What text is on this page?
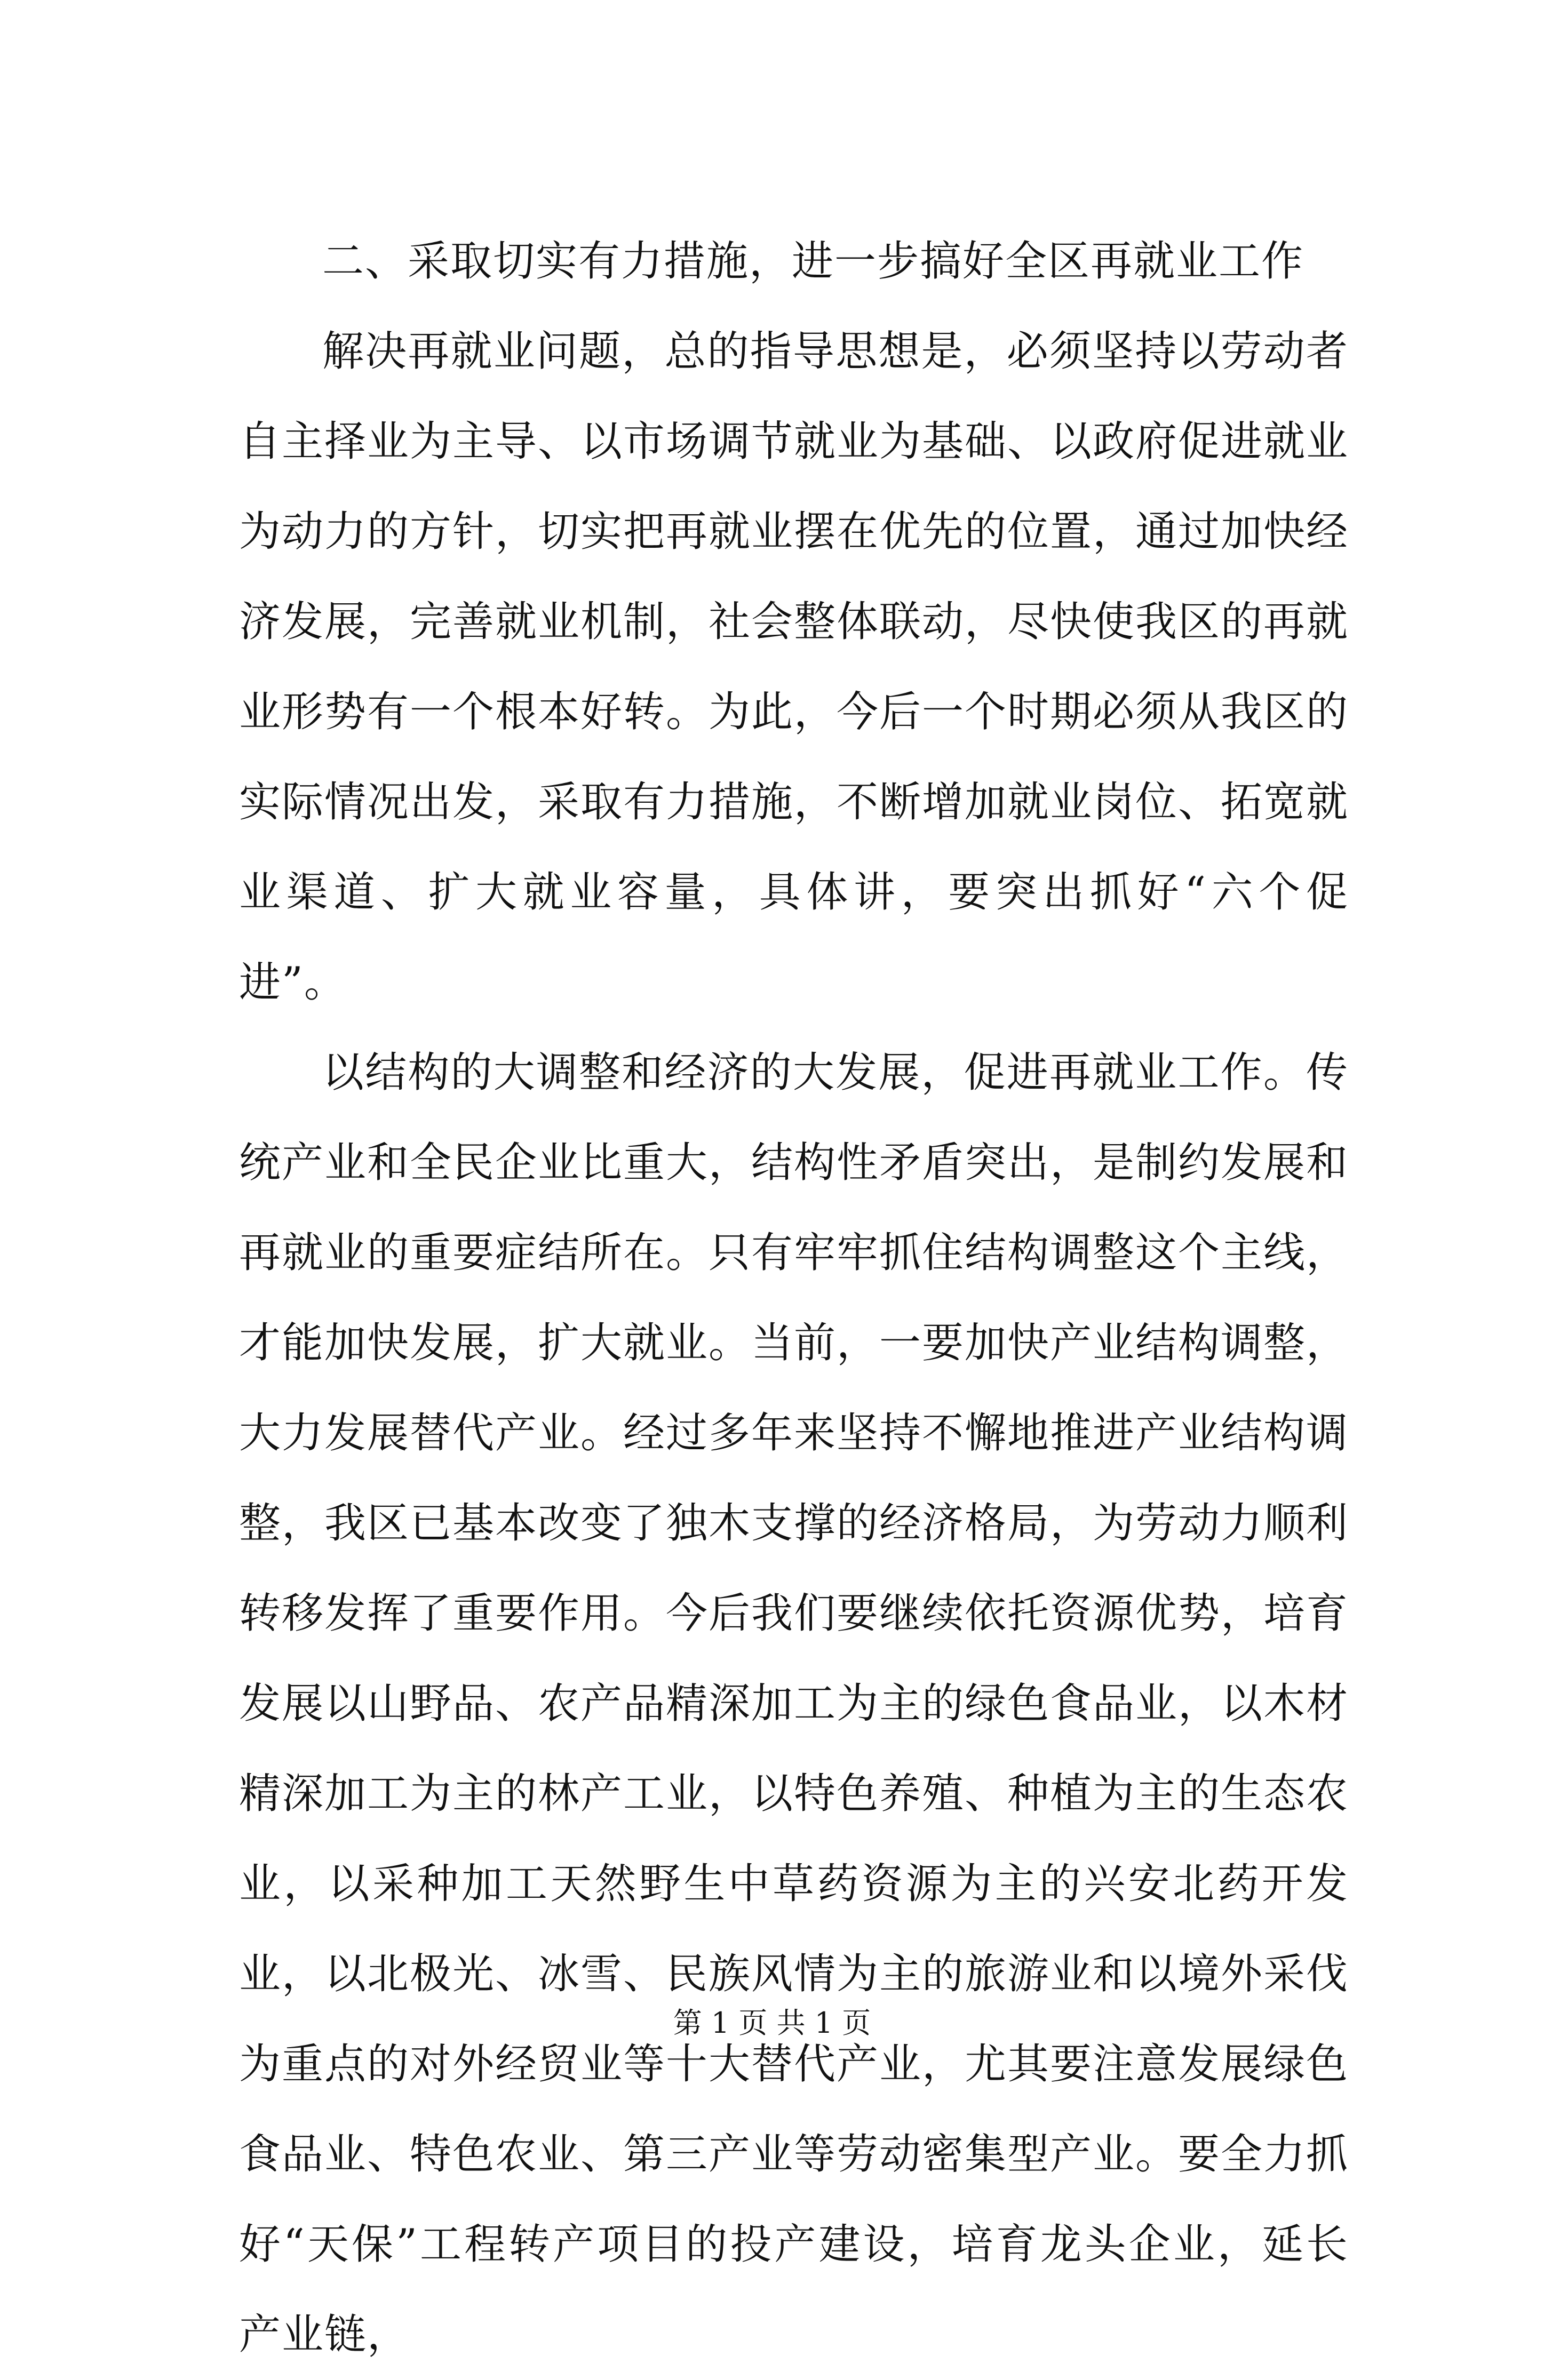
二、采取切实有力措施，进一步搞好全区再就业工作

解决再就业问题，总的指导思想是，必须坚持以劳动者自主择业为主导、以市场调节就业为基础、以政府促进就业为动力的方针，切实把再就业摆在优先的位置，通过加快经济发展，完善就业机制，社会整体联动，尽快使我区的再就业形势有一个根本好转。为此，今后一个时期必须从我区的实际情况出发，采取有力措施，不断增加就业岗位、拓宽就业渠道、扩大就业容量，具体讲，要突出抓好“六个促进”。

以结构的大调整和经济的大发展，促进再就业工作。传统产业和全民企业比重大，结构性矛盾突出，是制约发展和再就业的重要症结所在。只有牢牢抓住结构调整这个主线，才能加快发展，扩大就业。当前，一要加快产业结构调整，大力发展替代产业。经过多年来坚持不懈地推进产业结构调整，我区已基本改变了独木支撑的经济格局，为劳动力顺利转移发挥了重要作用。今后我们要继续依托资源优势，培育发展以山野品、农产品精深加工为主的绿色食品业，以木材精深加工为主的林产工业，以特色养殖、种植为主的生态农业，以采种加工天然野生中草药资源为主的兴安北药开发业，以北极光、冰雪、民族风情为主的旅游业和以境外采伐为重点的对外经贸业等十大替代产业，尤其要注意发展绿色食品业、特色农业、第三产业等劳动密集型产业。要全力抓好“天保”工程转产项目的投产建设，培育龙头企业，延长产业链，

第 1 页 共 1 页
